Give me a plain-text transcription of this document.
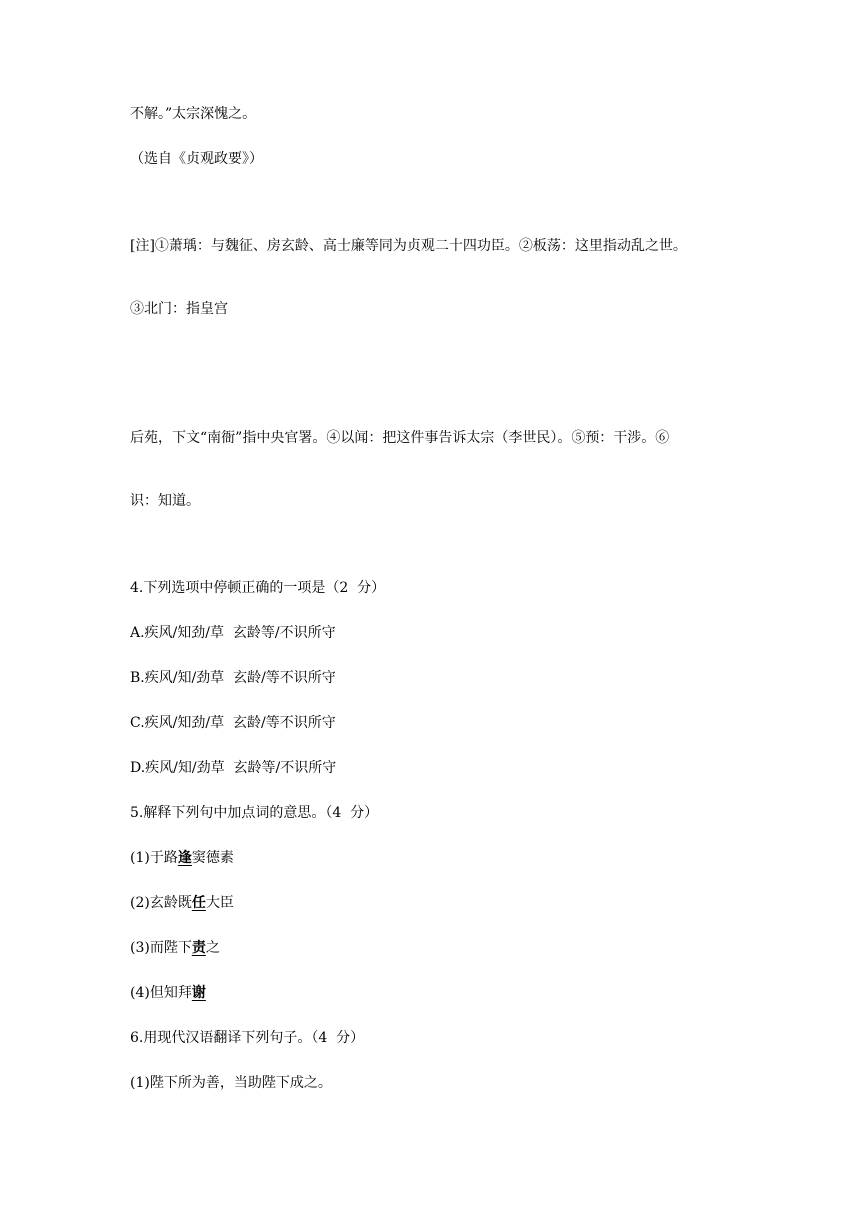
不解。”太宗深愧之。

（选自《贞观政要》）

[注]①萧瑀：与魏征、房玄龄、高士廉等同为贞观二十四功臣。②板荡：这里指动乱之世。

③北门：指皇宫

后苑，下文“南衙”指中央官署。④以闻：把这件事告诉太宗（李世民）。⑤预：干涉。⑥

识：知道。

4.下列选项中停顿正确的一项是（2  分）

A.疾风/知劲/草  玄龄等/不识所守

B.疾风/知/劲草  玄龄/等不识所守

C.疾风/知劲/草  玄龄/等不识所守

D.疾风/知/劲草  玄龄等/不识所守

5.解释下列句中加点词的意思。（4  分）

(1)于路逢窦德素

(2)玄龄既任大臣

(3)而陛下责之

(4)但知拜谢

6.用现代汉语翻译下列句子。（4  分）

(1)陛下所为善，当助陛下成之。
